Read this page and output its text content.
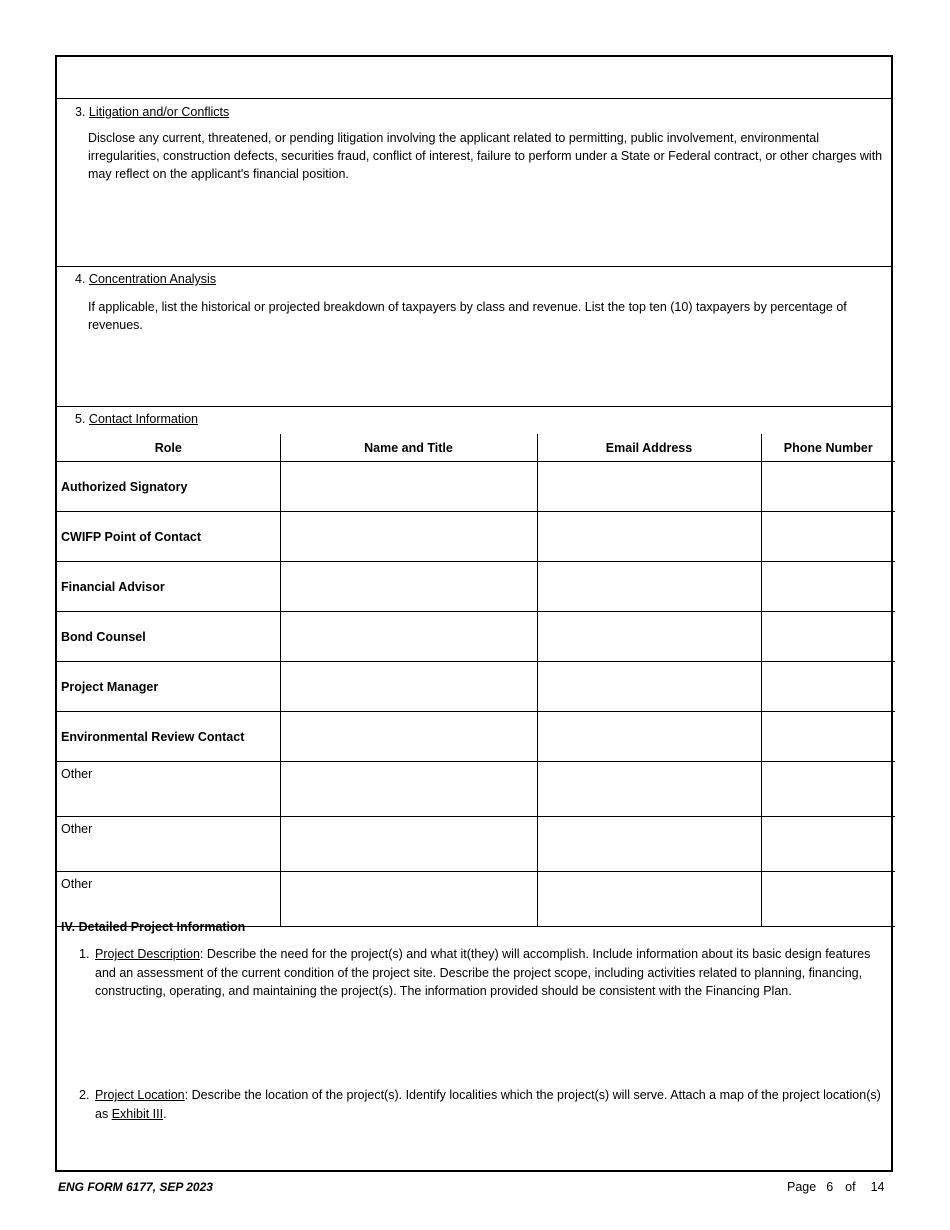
3. Litigation and/or Conflicts
Disclose any current, threatened, or pending litigation involving the applicant related to permitting, public involvement, environmental irregularities, construction defects, securities fraud, conflict of interest, failure to perform under a State or Federal contract, or other charges with may reflect on the applicant's financial position.
4. Concentration Analysis
If applicable, list the historical or projected breakdown of taxpayers by class and revenue. List the top ten (10) taxpayers by percentage of revenues.
5. Contact Information
Role	Name and Title	Email Address	Phone Number
Authorized Signatory			
CWIFP Point of Contact			
Financial Advisor			
Bond Counsel			
Project Manager			
Environmental Review Contact			
Other			
Other			
Other			
IV. Detailed Project Information
1. Project Description: Describe the need for the project(s) and what it(they) will accomplish. Include information about its basic design features and an assessment of the current condition of the project site. Describe the project scope, including activities related to planning, financing, constructing, operating, and maintaining the project(s). The information provided should be consistent with the Financing Plan.
2. Project Location: Describe the location of the project(s). Identify localities which the project(s) will serve. Attach a map of the project location(s) as Exhibit III.
ENG FORM 6177, SEP 2023	Page 6 of 14
